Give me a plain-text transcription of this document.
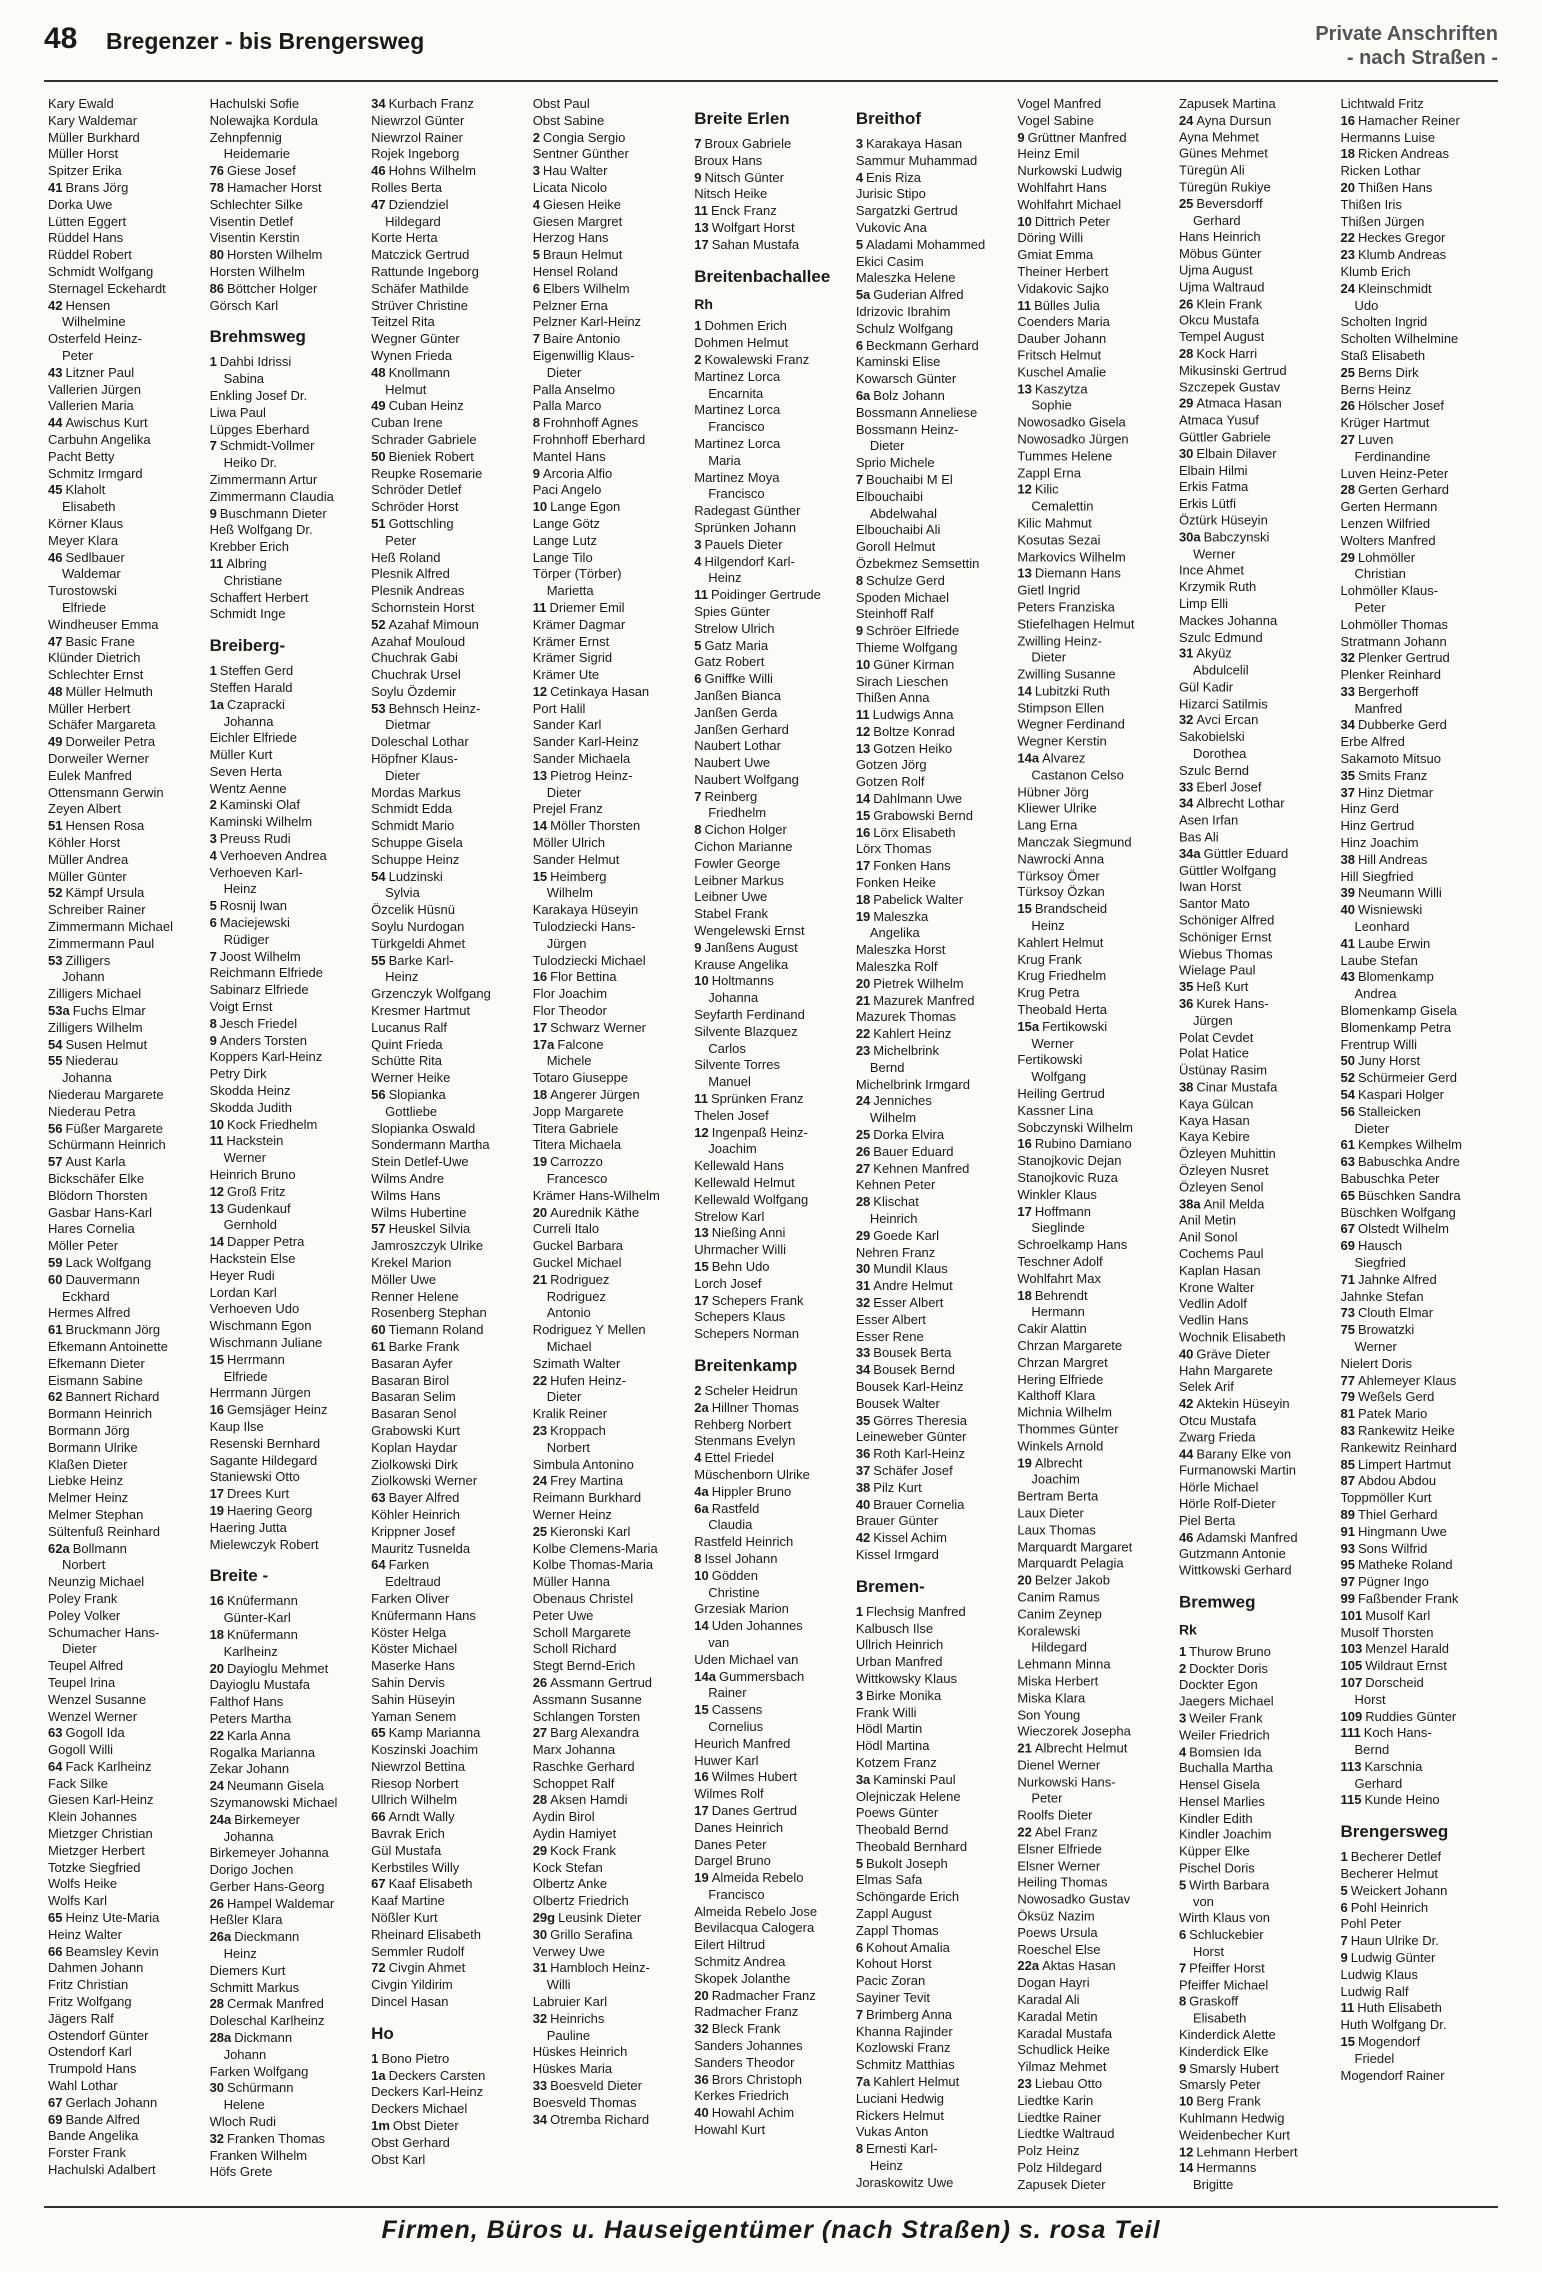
48 Bregenzer - bis Brengersweg	Private Anschriften
- nach Straßen -
Kary Ewald
Kary Waldemar
Müller Burkhard
Müller Horst
Spitzer Erika
41 Brans Jörg
Dorka Uwe
Lütten Eggert
Rüddel Hans
Rüddel Robert
Schmidt Wolfgang
Sternagel Eckehardt
42 Hensen
Wilhelmine
Osterfeld Heinz-
Peter
43 Litzner Paul
Vallerien Jürgen
Vallerien Maria
44 Awischus Kurt
Carbuhn Angelika
Pacht Betty
Schmitz Irmgard
45 Klaholt
Elisabeth
Körner Klaus
Meyer Klara
46 Sedlbauer
Waldemar
Turostowski
Elfriede
Windheuser Emma
47 Basic Frane
Klünder Dietrich
Schlechter Ernst
48 Müller Helmuth
Müller Herbert
Schäfer Margareta
49 Dorweiler Petra
Dorweiler Werner
Eulek Manfred
Ottensmann Gerwin
Zeyen Albert
51 Hensen Rosa
Köhler Horst
Müller Andrea
Müller Günter
52 Kämpf Ursula
Schreiber Rainer
Zimmermann Michael
Zimmermann Paul
53 Zilligers
Johann
Zilligers Michael
53a Fuchs Elmar
Zilligers Wilhelm
54 Susen Helmut
55 Niederau
Johanna
Niederau Margarete
Niederau Petra
56 Füßer Margarete
Schürmann Heinrich
57 Aust Karla
Bickschäfer Elke
Blödorn Thorsten
Gasbar Hans-Karl
Hares Cornelia
Möller Peter
59 Lack Wolfgang
60 Dauvermann
Eckhard
Hermes Alfred
61 Bruckmann Jörg
Efkemann Antoinette
Efkemann Dieter
Eismann Sabine
62 Bannert Richard
Bormann Heinrich
Bormann Jörg
Bormann Ulrike
Klaßen Dieter
Liebke Heinz
Melmer Heinz
Melmer Stephan
Sültenfuß Reinhard
62a Bollmann
Norbert
Neunzig Michael
Poley Frank
Poley Volker
Schumacher Hans-
Dieter
Teupel Alfred
Teupel Irina
Wenzel Susanne
Wenzel Werner
63 Gogoll Ida
Gogoll Willi
64 Fack Karlheinz
Fack Silke
Giesen Karl-Heinz
Klein Johannes
Mietzger Christian
Mietzger Herbert
Totzke Siegfried
Wolfs Heike
Wolfs Karl
65 Heinz Ute-Maria
Heinz Walter
66 Beamsley Kevin
Dahmen Johann
Fritz Christian
Fritz Wolfgang
Jägers Ralf
Ostendorf Günter
Ostendorf Karl
Trumpold Hans
Wahl Lothar
67 Gerlach Johann
69 Bande Alfred
Bande Angelika
Forster Frank
Hachulski Adalbert
Hachulski Sofie
Nolewajka Kordula
Zehnpfennig
Heidemarie
76 Giese Josef
78 Hamacher Horst
Schlechter Silke
Visentin Detlef
Visentin Kerstin
80 Horsten Wilhelm
Horsten Wilhelm
86 Böttcher Holger
Görsch Karl
Brehmsweg
1 Dahbi Idrissi
Sabina
Enkling Josef Dr.
Liwa Paul
Lüpges Eberhard
7 Schmidt-Vollmer
Heiko Dr.
Zimmermann Artur
Zimmermann Claudia
9 Buschmann Dieter
Heß Wolfgang Dr.
Krebber Erich
11 Albring
Christiane
Schaffert Herbert
Schmidt Inge
Breiberg-
1 Steffen Gerd
Steffen Harald
1a Czapracki
Johanna
Eichler Elfriede
Müller Kurt
Seven Herta
Wentz Aenne
2 Kaminski Olaf
Kaminski Wilhelm
3 Preuss Rudi
4 Verhoeven Andrea
Verhoeven Karl-
Heinz
5 Rosnij Iwan
6 Maciejewski
Rüdiger
7 Joost Wilhelm
Reichmann Elfriede
Sabinarz Elfriede
Voigt Ernst
8 Jesch Friedel
9 Anders Torsten
Koppers Karl-Heinz
Petry Dirk
Skodda Heinz
Skodda Judith
10 Kock Friedhelm
11 Hackstein
Werner
Heinrich Bruno
12 Groß Fritz
13 Gudenkauf
Gernhold
14 Dapper Petra
Hackstein Else
Heyer Rudi
Lordan Karl
Verhoeven Udo
Wischmann Egon
Wischmann Juliane
15 Herrmann
Elfriede
Herrmann Jürgen
16 Gemsjäger Heinz
Kaup Ilse
Resenski Bernhard
Sagante Hildegard
Staniewski Otto
17 Drees Kurt
19 Haering Georg
Haering Jutta
Mielewczyk Robert
Breite -
16 Knüfermann
Günter-Karl
18 Knüfermann
Karlheinz
20 Dayioglu Mehmet
Dayioglu Mustafa
Falthof Hans
Peters Martha
22 Karla Anna
Rogalka Marianna
Zekar Johann
24 Neumann Gisela
Szymanowski Michael
24a Birkemeyer
Johanna
Birkemeyer Johanna
Dorigo Jochen
Gerber Hans-Georg
26 Hampel Waldemar
Heßler Klara
26a Dieckmann
Heinz
Diemers Kurt
Schmitt Markus
28 Cermak Manfred
Doleschal Karlheinz
28a Dickmann
Johann
Farken Wolfgang
30 Schürmann
Helene
Wloch Rudi
32 Franken Thomas
Franken Wilhelm
Höfs Grete
34 Kurbach Franz
Niewrzol Günter
Niewrzol Rainer
Rojek Ingeborg
46 Hohns Wilhelm
Rolles Berta
47 Dziendziel
Hildegard
Korte Herta
Matczick Gertrud
Rattunde Ingeborg
Schäfer Mathilde
Strüver Christine
Teitzel Rita
Wegner Günter
Wynen Frieda
48 Knollmann
Helmut
49 Cuban Heinz
Cuban Irene
Schrader Gabriele
50 Bieniek Robert
Reupke Rosemarie
Schröder Detlef
Schröder Horst
51 Gottschling
Peter
Heß Roland
Plesnik Alfred
Plesnik Andreas
Schornstein Horst
52 Azahaf Mimoun
Azahaf Mouloud
Chuchrak Gabi
Chuchrak Ursel
Soylu Özdemir
53 Behnsch Heinz-
Dietmar
Doleschal Lothar
Höpfner Klaus-
Dieter
Mordas Markus
Schmidt Edda
Schmidt Mario
Schuppe Gisela
Schuppe Heinz
54 Ludzinski
Sylvia
Özcelik Hüsnü
Soylu Nurdogan
Türkgeldi Ahmet
55 Barke Karl-
Heinz
Grzenczyk Wolfgang
Kresmer Hartmut
Lucanus Ralf
Quint Frieda
Schütte Rita
Werner Heike
56 Slopianka
Gottliebe
Slopianka Oswald
Sondermann Martha
Stein Detlef-Uwe
Wilms Andre
Wilms Hans
Wilms Hubertine
57 Heuskel Silvia
Jamroszczyk Ulrike
Krekel Marion
Möller Uwe
Renner Helene
Rosenberg Stephan
60 Tiemann Roland
61 Barke Frank
Basaran Ayfer
Basaran Birol
Basaran Selim
Basaran Senol
Grabowski Kurt
Koplan Haydar
Ziolkowski Dirk
Ziolkowski Werner
63 Bayer Alfred
Köhler Heinrich
Krippner Josef
Mauritz Tusnelda
64 Farken
Edeltraud
Farken Oliver
Knüfermann Hans
Köster Helga
Köster Michael
Maserke Hans
Sahin Dervis
Sahin Hüseyin
Yaman Senem
65 Kamp Marianna
Koszinski Joachim
Niewrzol Bettina
Riesop Norbert
Ullrich Wilhelm
66 Arndt Wally
Bavrak Erich
Gül Mustafa
Kerbstiles Willy
67 Kaaf Elisabeth
Kaaf Martine
Nößler Kurt
Rheinard Elisabeth
Semmler Rudolf
72 Civgin Ahmet
Civgin Yildirim
Dincel Hasan
Ho
1 Bono Pietro
1a Deckers Carsten
Deckers Karl-Heinz
Deckers Michael
1m Obst Dieter
Obst Gerhard
Obst Karl
Obst Paul
Obst Sabine
2 Congia Sergio
Sentner Günther
3 Hau Walter
Licata Nicolo
4 Giesen Heike
Giesen Margret
Herzog Hans
5 Braun Helmut
Hensel Roland
6 Elbers Wilhelm
Pelzner Erna
Pelzner Karl-Heinz
7 Baire Antonio
Eigenwillig Klaus-
Dieter
Palla Anselmo
Palla Marco
8 Frohnhoff Agnes
Frohnhoff Eberhard
Mantel Hans
9 Arcoria Alfio
Paci Angelo
10 Lange Egon
Lange Götz
Lange Lutz
Lange Tilo
Törper (Törber)
Marietta
11 Driemer Emil
Krämer Dagmar
Krämer Ernst
Krämer Sigrid
Krämer Ute
12 Cetinkaya Hasan
Port Halil
Sander Karl
Sander Karl-Heinz
Sander Michaela
13 Pietrog Heinz-
Dieter
Prejel Franz
14 Möller Thorsten
Möller Ulrich
Sander Helmut
15 Heimberg
Wilhelm
Karakaya Hüseyin
Tulodziecki Hans-
Jürgen
Tulodziecki Michael
16 Flor Bettina
Flor Joachim
Flor Theodor
17 Schwarz Werner
17a Falcone
Michele
Totaro Giuseppe
18 Angerer Jürgen
Jopp Margarete
Titera Gabriele
Titera Michaela
19 Carrozzo
Francesco
Krämer Hans-Wilhelm
20 Aurednik Käthe
Curreli Italo
Guckel Barbara
Guckel Michael
21 Rodriguez
Rodriguez
Antonio
Rodriguez Y Mellen
Michael
Szimath Walter
22 Hufen Heinz-
Dieter
Kralik Reiner
23 Kroppach
Norbert
Simbula Antonino
24 Frey Martina
Reimann Burkhard
Werner Heinz
25 Kieronski Karl
Kolbe Clemens-Maria
Kolbe Thomas-Maria
Müller Hanna
Obenaus Christel
Peter Uwe
Scholl Margarete
Scholl Richard
Stegt Bernd-Erich
26 Assmann Gertrud
Assmann Susanne
Schlangen Torsten
27 Barg Alexandra
Marx Johanna
Raschke Gerhard
Schoppet Ralf
28 Aksen Hamdi
Aydin Birol
Aydin Hamiyet
29 Kock Frank
Kock Stefan
Olbertz Anke
Olbertz Friedrich
29g Leusink Dieter
30 Grillo Serafina
Verwey Uwe
31 Hambloch Heinz-
Willi
Labruier Karl
32 Heinrichs
Pauline
Hüskes Heinrich
Hüskes Maria
33 Boesveld Dieter
Boesveld Thomas
34 Otremba Richard
Breite Erlen
7 Broux Gabriele
Broux Hans
9 Nitsch Günter
Nitsch Heike
11 Enck Franz
13 Wolfgart Horst
17 Sahan Mustafa
Breitenbachallee
Rh
1 Dohmen Erich
Dohmen Helmut
2 Kowalewski Franz
Martinez Lorca
Encarnita
Martinez Lorca
Francisco
Martinez Lorca
Maria
Martinez Moya
Francisco
Radegast Günther
Sprünken Johann
3 Pauels Dieter
4 Hilgendorf Karl-
Heinz
11 Poidinger Gertrude
Spies Günter
Strelow Ulrich
5 Gatz Maria
Gatz Robert
6 Gniffke Willi
Janßen Bianca
Janßen Gerda
Janßen Gerhard
Naubert Lothar
Naubert Uwe
Naubert Wolfgang
7 Reinberg
Friedhelm
8 Cichon Holger
Cichon Marianne
Fowler George
Leibner Markus
Leibner Uwe
Stabel Frank
Wengelewski Ernst
9 Janßens August
Krause Angelika
10 Holtmanns
Johanna
Seyfarth Ferdinand
Silvente Blazquez
Carlos
Silvente Torres
Manuel
11 Sprünken Franz
Thelen Josef
12 Ingenpaß Heinz-
Joachim
Kellewald Hans
Kellewald Helmut
Kellewald Wolfgang
Strelow Karl
13 Nießing Anni
Uhrmacher Willi
15 Behn Udo
Lorch Josef
17 Schepers Frank
Schepers Klaus
Schepers Norman
Breitenkamp
2 Scheler Heidrun
2a Hillner Thomas
Rehberg Norbert
Stenmans Evelyn
4 Ettel Friedel
Müschenborn Ulrike
4a Hippler Bruno
6a Rastfeld
Claudia
Rastfeld Heinrich
8 Issel Johann
10 Gödden
Christine
Grzesiak Marion
14 Uden Johannes
van
Uden Michael van
14a Gummersbach
Rainer
15 Cassens
Cornelius
Heurich Manfred
Huwer Karl
16 Wilmes Hubert
Wilmes Rolf
17 Danes Gertrud
Danes Heinrich
Danes Peter
Dargel Bruno
19 Almeida Rebelo
Francisco
Almeida Rebelo Jose
Bevilacqua Calogera
Eilert Hiltrud
Schmitz Andrea
Skopek Jolanthe
20 Radmacher Franz
Radmacher Franz
32 Bleck Frank
Sanders Johannes
Sanders Theodor
36 Brors Christoph
Kerkes Friedrich
40 Howahl Achim
Howahl Kurt
Breithof
3 Karakaya Hasan
Sammur Muhammad
4 Enis Riza
Jurisic Stipo
Sargatzki Gertrud
Vukovic Ana
5 Aladami Mohammed
Ekici Casim
Maleszka Helene
5a Guderian Alfred
Idrizovic Ibrahim
Schulz Wolfgang
6 Beckmann Gerhard
Kaminski Elise
Kowarsch Günter
6a Bolz Johann
Bossmann Anneliese
Bossmann Heinz-
Dieter
Sprio Michele
7 Bouchaibi M El
Elbouchaibi
Abdelwahal
Elbouchaibi Ali
Goroll Helmut
Özbekmez Semsettin
8 Schulze Gerd
Spoden Michael
Steinhoff Ralf
9 Schröer Elfriede
Thieme Wolfgang
10 Güner Kirman
Sirach Lieschen
Thißen Anna
11 Ludwigs Anna
12 Boltze Konrad
13 Gotzen Heiko
Gotzen Jörg
Gotzen Rolf
14 Dahlmann Uwe
15 Grabowski Bernd
16 Lörx Elisabeth
Lörx Thomas
17 Fonken Hans
Fonken Heike
18 Pabelick Walter
19 Maleszka
Angelika
Maleszka Horst
Maleszka Rolf
20 Pietrek Wilhelm
21 Mazurek Manfred
Mazurek Thomas
22 Kahlert Heinz
23 Michelbrink
Bernd
Michelbrink Irmgard
24 Jenniches
Wilhelm
25 Dorka Elvira
26 Bauer Eduard
27 Kehnen Manfred
Kehnen Peter
28 Klischat
Heinrich
29 Goede Karl
Nehren Franz
30 Mundil Klaus
31 Andre Helmut
32 Esser Albert
Esser Albert
Esser Rene
33 Bousek Berta
34 Bousek Bernd
Bousek Karl-Heinz
Bousek Walter
35 Görres Theresia
Leineweber Günter
36 Roth Karl-Heinz
37 Schäfer Josef
38 Pilz Kurt
40 Brauer Cornelia
Brauer Günter
42 Kissel Achim
Kissel Irmgard
Bremen-
1 Flechsig Manfred
Kalbusch Ilse
Ullrich Heinrich
Urban Manfred
Wittkowsky Klaus
3 Birke Monika
Frank Willi
Hödl Martin
Hödl Martina
Kotzem Franz
3a Kaminski Paul
Olejniczak Helene
Poews Günter
Theobald Bernd
Theobald Bernhard
5 Bukolt Joseph
Elmas Safa
Schöngarde Erich
Zappl August
Zappl Thomas
6 Kohout Amalia
Kohout Horst
Pacic Zoran
Sayiner Tevit
7 Brimberg Anna
Khanna Rajinder
Kozlowski Franz
Schmitz Matthias
7a Kahlert Helmut
Luciani Hedwig
Rickers Helmut
Vukas Anton
8 Ernesti Karl-
Heinz
Joraskowitz Uwe
Vogel Manfred
Vogel Sabine
9 Grüttner Manfred
Heinz Emil
Nurkowski Ludwig
Wohlfahrt Hans
Wohlfahrt Michael
10 Dittrich Peter
Döring Willi
Gmiat Emma
Theiner Herbert
Vidakovic Sajko
11 Bülles Julia
Coenders Maria
Dauber Johann
Fritsch Helmut
Kuschel Amalie
13 Kaszytza
Sophie
Nowosadko Gisela
Nowosadko Jürgen
Tummes Helene
Zappl Erna
12 Kilic
Cemalettin
Kilic Mahmut
Kosutas Sezai
Markovics Wilhelm
13 Diemann Hans
Gietl Ingrid
Peters Franziska
Stiefelhagen Helmut
Zwilling Heinz-
Dieter
Zwilling Susanne
14 Lubitzki Ruth
Stimpson Ellen
Wegner Ferdinand
Wegner Kerstin
14a Alvarez
Castanon Celso
Hübner Jörg
Kliewer Ulrike
Lang Erna
Manczak Siegmund
Nawrocki Anna
Türksoy Ömer
Türksoy Özkan
15 Brandscheid
Heinz
Kahlert Helmut
Krug Frank
Krug Friedhelm
Krug Petra
Theobald Herta
15a Fertikowski
Werner
Fertikowski
Wolfgang
Heiling Gertrud
Kassner Lina
Sobczynski Wilhelm
16 Rubino Damiano
Stanojkovic Dejan
Stanojkovic Ruza
Winkler Klaus
17 Hoffmann
Sieglinde
Schroelkamp Hans
Teschner Adolf
Wohlfahrt Max
18 Behrendt
Hermann
Cakir Alattin
Chrzan Margarete
Chrzan Margret
Hering Elfriede
Kalthoff Klara
Michnia Wilhelm
Thommes Günter
Winkels Arnold
19 Albrecht
Joachim
Bertram Berta
Laux Dieter
Laux Thomas
Marquardt Margaret
Marquardt Pelagia
20 Belzer Jakob
Canim Ramus
Canim Zeynep
Koralewski
Hildegard
Lehmann Minna
Miska Herbert
Miska Klara
Son Young
Wieczorek Josepha
21 Albrecht Helmut
Dienel Werner
Nurkowski Hans-
Peter
Roolfs Dieter
22 Abel Franz
Elsner Elfriede
Elsner Werner
Heiling Thomas
Nowosadko Gustav
Öksüz Nazim
Poews Ursula
Roeschel Else
22a Aktas Hasan
Dogan Hayri
Karadal Ali
Karadal Metin
Karadal Mustafa
Schudlick Heike
Yilmaz Mehmet
23 Liebau Otto
Liedtke Karin
Liedtke Rainer
Liedtke Waltraud
Polz Heinz
Polz Hildegard
Zapusek Dieter
Zapusek Martina
24 Ayna Dursun
Ayna Mehmet
Günes Mehmet
Türegün Ali
Türegün Rukiye
25 Beversdorff
Gerhard
Hans Heinrich
Möbus Günter
Ujma August
Ujma Waltraud
26 Klein Frank
Okcu Mustafa
Tempel August
28 Kock Harri
Mikusinski Gertrud
Szczepek Gustav
29 Atmaca Hasan
Atmaca Yusuf
Güttler Gabriele
30 Elbain Dilaver
Elbain Hilmi
Erkis Fatma
Erkis Lütfi
Öztürk Hüseyin
30a Babczynski
Werner
Ince Ahmet
Krzymik Ruth
Limp Elli
Mackes Johanna
Szulc Edmund
31 Akyüz
Abdulcelil
Gül Kadir
Hizarci Satilmis
32 Avci Ercan
Sakobielski
Dorothea
Szulc Bernd
33 Eberl Josef
34 Albrecht Lothar
Asen Irfan
Bas Ali
34a Güttler Eduard
Güttler Wolfgang
Iwan Horst
Santor Mato
Schöniger Alfred
Schöniger Ernst
Wiebus Thomas
Wielage Paul
35 Heß Kurt
36 Kurek Hans-
Jürgen
Polat Cevdet
Polat Hatice
Üstünay Rasim
38 Cinar Mustafa
Kaya Gülcan
Kaya Hasan
Kaya Kebire
Özleyen Muhittin
Özleyen Nusret
Özleyen Senol
38a Anil Melda
Anil Metin
Anil Sonol
Cochems Paul
Kaplan Hasan
Krone Walter
Vedlin Adolf
Vedlin Hans
Wochnik Elisabeth
40 Gräve Dieter
Hahn Margarete
Selek Arif
42 Aktekin Hüseyin
Otcu Mustafa
Zwarg Frieda
44 Barany Elke von
Furmanowski Martin
Hörle Michael
Hörle Rolf-Dieter
Piel Berta
46 Adamski Manfred
Gutzmann Antonie
Wittkowski Gerhard
Bremweg
Rk
1 Thurow Bruno
2 Dockter Doris
Dockter Egon
Jaegers Michael
3 Weiler Frank
Weiler Friedrich
4 Bomsien Ida
Buchalla Martha
Hensel Gisela
Hensel Marlies
Kindler Edith
Kindler Joachim
Küpper Elke
Pischel Doris
5 Wirth Barbara
von
Wirth Klaus von
6 Schluckebier
Horst
7 Pfeiffer Horst
Pfeiffer Michael
8 Graskoff
Elisabeth
Kinderdick Alette
Kinderdick Elke
9 Smarsly Hubert
Smarsly Peter
10 Berg Frank
Kuhlmann Hedwig
Weidenbecher Kurt
12 Lehmann Herbert
14 Hermanns
Brigitte
Lichtwald Fritz
16 Hamacher Reiner
Hermanns Luise
18 Ricken Andreas
Ricken Lothar
20 Thißen Hans
Thißen Iris
Thißen Jürgen
22 Heckes Gregor
23 Klumb Andreas
Klumb Erich
24 Kleinschmidt
Udo
Scholten Ingrid
Scholten Wilhelmine
Staß Elisabeth
25 Berns Dirk
Berns Heinz
26 Hölscher Josef
Krüger Hartmut
27 Luven
Ferdinandine
Luven Heinz-Peter
28 Gerten Gerhard
Gerten Hermann
Lenzen Wilfried
Wolters Manfred
29 Lohmöller
Christian
Lohmöller Klaus-
Peter
Lohmöller Thomas
Stratmann Johann
32 Plenker Gertrud
Plenker Reinhard
33 Bergerhoff
Manfred
34 Dubberke Gerd
Erbe Alfred
Sakamoto Mitsuo
35 Smits Franz
37 Hinz Dietmar
Hinz Gerd
Hinz Gertrud
Hinz Joachim
38 Hill Andreas
Hill Siegfried
39 Neumann Willi
40 Wisniewski
Leonhard
41 Laube Erwin
Laube Stefan
43 Blomenkamp
Andrea
Blomenkamp Gisela
Blomenkamp Petra
Frentrup Willi
50 Juny Horst
52 Schürmeier Gerd
54 Kaspari Holger
56 Stalleicken
Dieter
61 Kempkes Wilhelm
63 Babuschka Andre
Babuschka Peter
65 Büschken Sandra
Büschken Wolfgang
67 Olstedt Wilhelm
69 Hausch
Siegfried
71 Jahnke Alfred
Jahnke Stefan
73 Clouth Elmar
75 Browatzki
Werner
Nielert Doris
77 Ahlemeyer Klaus
79 Weßels Gerd
81 Patek Mario
83 Rankewitz Heike
Rankewitz Reinhard
85 Limpert Hartmut
87 Abdou Abdou
Toppmöller Kurt
89 Thiel Gerhard
91 Hingmann Uwe
93 Sons Wilfrid
95 Matheke Roland
97 Pügner Ingo
99 Faßbender Frank
101 Musolf Karl
Musolf Thorsten
103 Menzel Harald
105 Wildraut Ernst
107 Dorscheid
Horst
109 Ruddies Günter
111 Koch Hans-
Bernd
113 Karschnia
Gerhard
115 Kunde Heino
Brengersweg
1 Becherer Detlef
Becherer Helmut
5 Weickert Johann
6 Pohl Heinrich
Pohl Peter
7 Haun Ulrike Dr.
9 Ludwig Günter
Ludwig Klaus
Ludwig Ralf
11 Huth Elisabeth
Huth Wolfgang Dr.
15 Mogendorf
Friedel
Mogendorf Rainer
Firmen, Büros u. Hauseigentümer (nach Straßen) s. rosa Teil
